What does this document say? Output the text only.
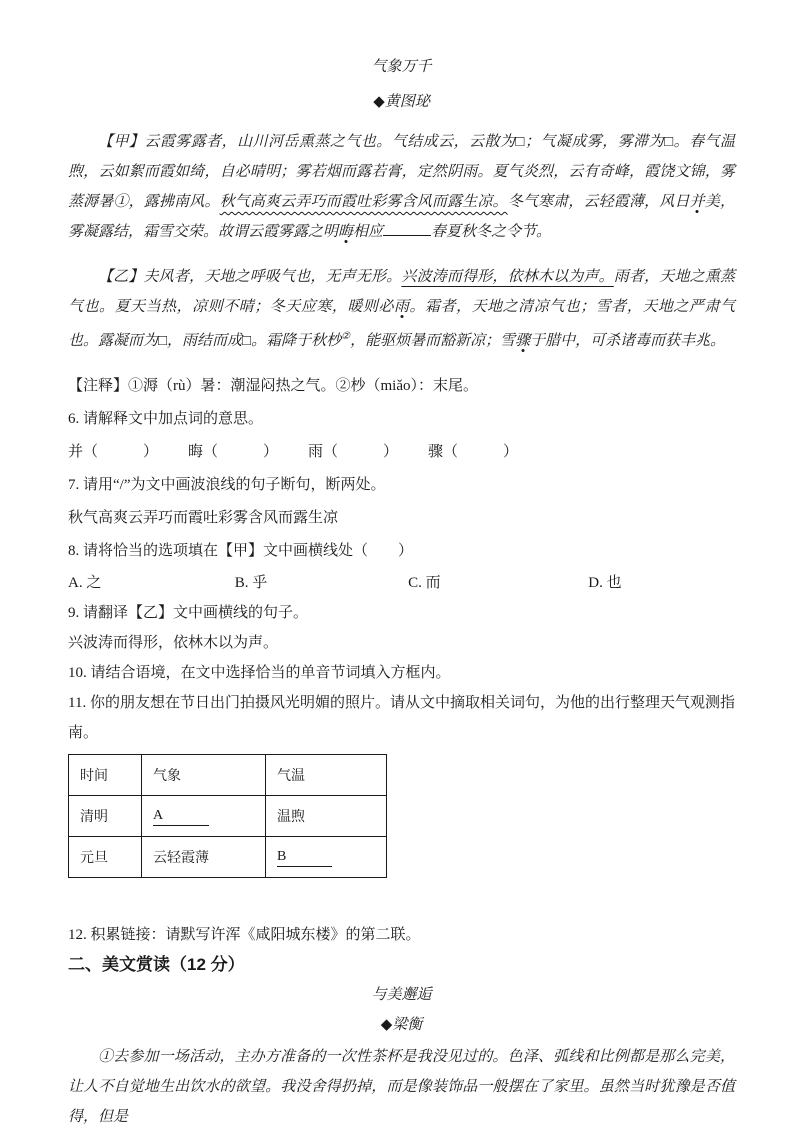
气象万千
◆黄图珌

【甲】云霞雾露者，山川河岳熏蒸之气也。气结成云，云散为□；气凝成雾，雾滞为□。春气温煦，云如絮而霞如绮，自必晴明；雾若烟而露若膏，定然阴雨。夏气炎烈，云有奇峰，霞饶文锦，雾蒸溽暑①，露拂南风。秋气高爽云弄巧而霞吐彩雾含风而露生凉。冬气寒肃，云轻霞薄，风日并美，雾凝露结，霜雪交荣。故谓云霞雾露之明晦相应	春夏秋冬之令节。

【乙】夫风者，天地之呼吸气也，无声无形。兴波涛而得形，依林木以为声。雨者，天地之熏蒸气也。夏天当热，凉则不晴；冬天应寒，暖则必雨。霜者，天地之清凉气也；雪者，天地之严肃气也。露凝而为□，雨结而成□。霜降于秋杪②，能驱烦暑而豁新凉；雪骤于腊中，可杀诸毒而获丰兆。

【注释】①溽（rù）暑：潮湿闷热之气。②杪（miǎo）：末尾。
6. 请解释文中加点词的意思。
并（　　　） 晦（　　　） 雨（　　　） 骤（　　　）
7. 请用“/”为文中画波浪线的句子断句，断两处。
秋气高爽云弄巧而霞吐彩雾含风而露生凉
8. 请将恰当的选项填在【甲】文中画横线处（　　）
A. 之	B. 乎	C. 而	D. 也
9. 请翻译【乙】文中画横线的句子。
兴波涛而得形，依林木以为声。
10. 请结合语境，在文中选择恰当的单音节词填入方框内。
11. 你的朋友想在节日出门拍摄风光明媚的照片。请从文中摘取相关词句，为他的出行整理天气观测指南。
时间	气象	气温
清明	A	温煦
元旦	云轻霞薄	B
12. 积累链接：请默写许浑《咸阳城东楼》的第二联。
二、美文赏读（12 分）
与美邂逅
◆梁衡

①去参加一场活动，主办方准备的一次性茶杯是我没见过的。色泽、弧线和比例都是那么完美，让人不自觉地生出饮水的欲望。我没舍得扔掉，而是像装饰品一般摆在了家里。虽然当时犹豫是否值得，但是
